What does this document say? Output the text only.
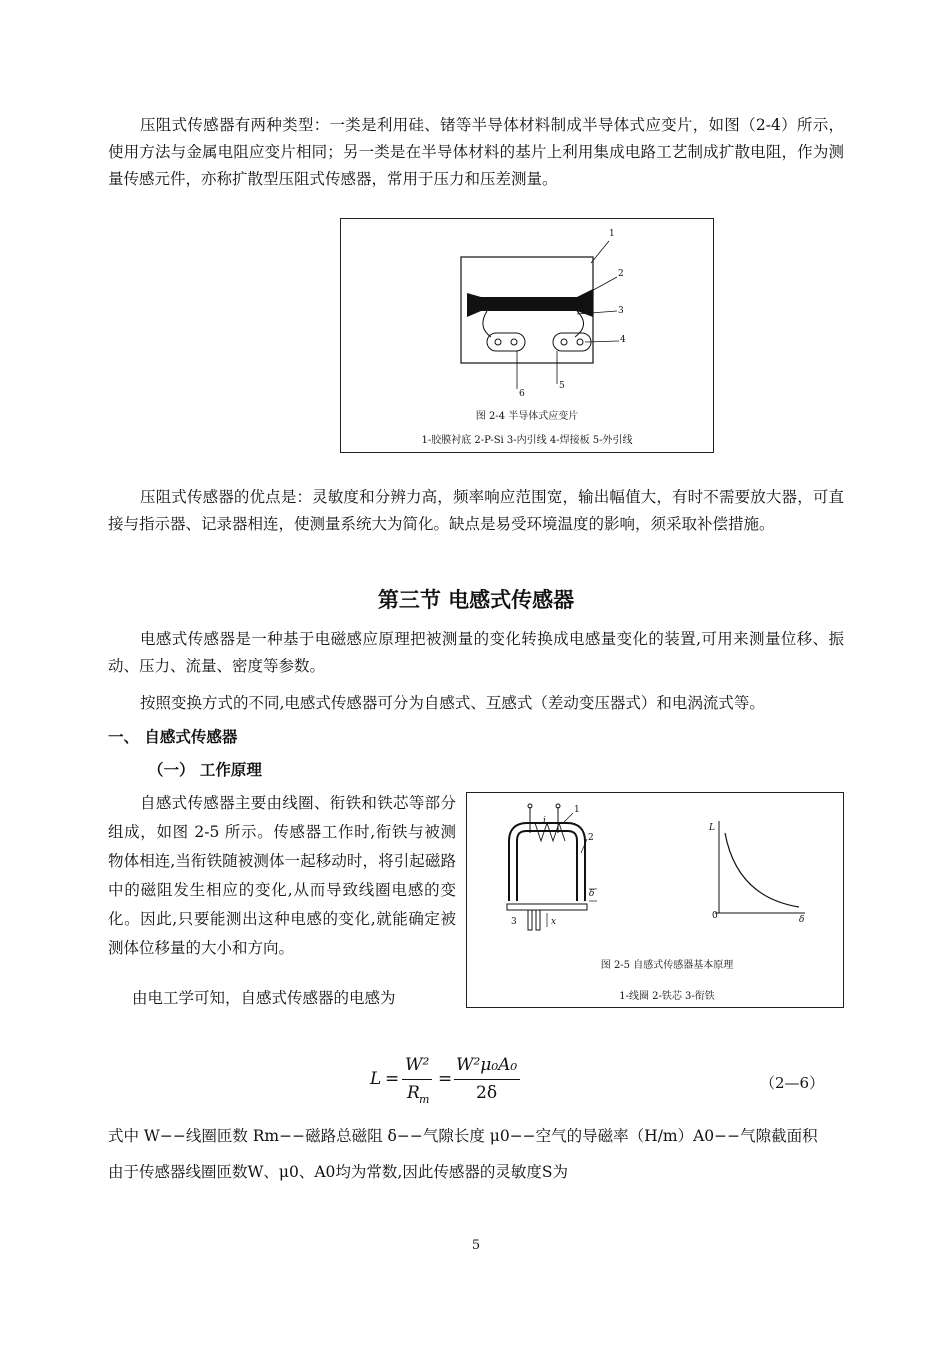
压阻式传感器有两种类型：一类是利用硅、锗等半导体材料制成半导体式应变片，如图（2-4）所示，使用方法与金属电阻应变片相同；另一类是在半导体材料的基片上利用集成电路工艺制成扩散电阻，作为测量传感元件，亦称扩散型压阻式传感器，常用于压力和压差测量。

1
2
3
4
5
6
图 2-4 半导体式应变片
1-胶膜衬底 2-P-Si 3-内引线 4-焊接板 5-外引线

压阻式传感器的优点是：灵敏度和分辨力高，频率响应范围宽，输出幅值大，有时不需要放大器，可直接与指示器、记录器相连，使测量系统大为简化。缺点是易受环境温度的影响，须采取补偿措施。

第三节 电感式传感器

电感式传感器是一种基于电磁感应原理把被测量的变化转换成电感量变化的装置,可用来测量位移、振动、压力、流量、密度等参数。

按照变换方式的不同,电感式传感器可分为自感式、互感式（差动变压器式）和电涡流式等。

一、 自感式传感器

（一） 工作原理

自感式传感器主要由线圈、衔铁和铁芯等部分组成，如图 2-5 所示。传感器工作时,衔铁与被测物体相连,当衔铁随被测体一起移动时，将引起磁路中的磁阻发生相应的变化,从而导致线圈电感的变化。因此,只要能测出这种电感的变化,就能确定被测体位移量的大小和方向。

由电工学可知，自感式传感器的电感为

i
1
2
3
δ
x
L
0	δ
图 2-5 自感式传感器基本原理
1-线圈 2-铁芯 3-衔铁
L =
W²
R m
=
W²μ₀A₀
2δ	（2—6）

式中 W−−线圈匝数 Rm−−磁路总磁阻 δ−−气隙长度 μ0−−空气的导磁率（H/m）A0−−气隙截面积

由于传感器线圈匝数W、μ0、A0均为常数,因此传感器的灵敏度S为

5
